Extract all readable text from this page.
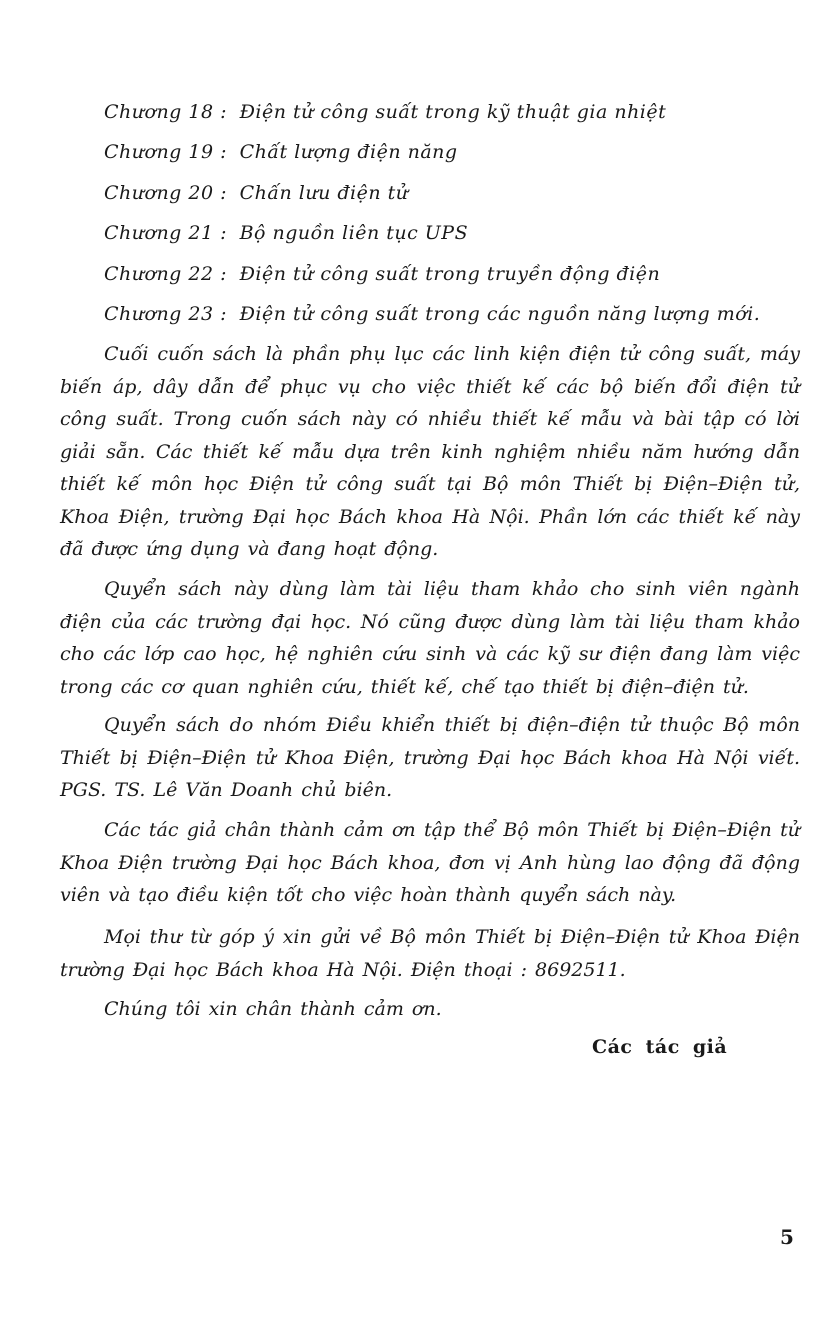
Chương 18 : Điện tử công suất trong kỹ thuật gia nhiệt
Chương 19 : Chất lượng điện năng
Chương 20 : Chấn lưu điện tử
Chương 21 : Bộ nguồn liên tục UPS
Chương 22 : Điện tử công suất trong truyền động điện
Chương 23 : Điện tử công suất trong các nguồn năng lượng mới.

Cuối cuốn sách là phần phụ lục các linh kiện điện tử công suất, máy biến áp, dây dẫn để phục vụ cho việc thiết kế các bộ biến đổi điện tử công suất. Trong cuốn sách này có nhiều thiết kế mẫu và bài tập có lời giải sẵn. Các thiết kế mẫu dựa trên kinh nghiệm nhiều năm hướng dẫn thiết kế môn học Điện tử công suất tại Bộ môn Thiết bị Điện–Điện tử, Khoa Điện, trường Đại học Bách khoa Hà Nội. Phần lớn các thiết kế này đã được ứng dụng và đang hoạt động.

Quyển sách này dùng làm tài liệu tham khảo cho sinh viên ngành điện của các trường đại học. Nó cũng được dùng làm tài liệu tham khảo cho các lớp cao học, hệ nghiên cứu sinh và các kỹ sư điện đang làm việc trong các cơ quan nghiên cứu, thiết kế, chế tạo thiết bị điện–điện tử.

Quyển sách do nhóm Điều khiển thiết bị điện–điện tử thuộc Bộ môn Thiết bị Điện–Điện tử Khoa Điện, trường Đại học Bách khoa Hà Nội viết. PGS. TS. Lê Văn Doanh chủ biên.

Các tác giả chân thành cảm ơn tập thể Bộ môn Thiết bị Điện–Điện tử Khoa Điện trường Đại học Bách khoa, đơn vị Anh hùng lao động đã động viên và tạo điều kiện tốt cho việc hoàn thành quyển sách này.

Mọi thư từ góp ý xin gửi về Bộ môn Thiết bị Điện–Điện tử Khoa Điện trường Đại học Bách khoa Hà Nội. Điện thoại : 8692511.

Chúng tôi xin chân thành cảm ơn.

Các tác giả
5
